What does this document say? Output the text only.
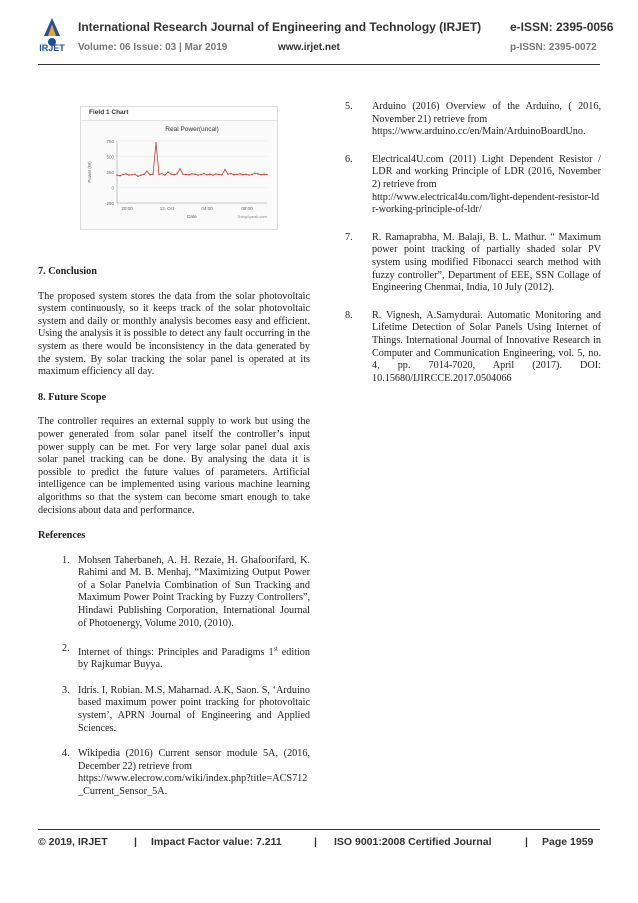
IRJET
International Research Journal of Engineering and Technology (IRJET) e-ISSN: 2395-0056
Volume: 06 Issue: 03 | Mar 2019	www.irjet.net	p-ISSN: 2395-0072
Field 1 Chart
Real Power(uncal)
-250
0
250
500
750
20:00	12. Oct	04:00	08:00
Power (W)
Date	ThingSpeak.com
7. Conclusion

The proposed system stores the data from the solar photovoltaic system continuously, so it keeps track of the solar photovoltaic system and daily or monthly analysis becomes easy and efficient. Using the analysis it is possible to detect any fault occurring in the system as there would be inconsistency in the data generated by the system. By solar tracking the solar panel is operated at its maximum efficiency all day.

8. Future Scope

The controller requires an external supply to work but using the power generated from solar panel itself the controller’s input power supply can be met. For very large solar panel dual axis solar panel tracking can be done. By analysing the data it is possible to predict the future values of parameters. Artificial intelligence can be implemented using various machine learning algorithms so that the system can become smart enough to take decisions about data and performance.

References
1. Mohsen Taherbaneh, A. H. Rezaie, H. Ghafoorifard, K. Rahimi and M. B. Menhaj, “Maximizing Output Power of a Solar Panelvia Combination of Sun Tracking and Maximum Power Point Tracking by Fuzzy Controllers”, Hindawi Publishing Corporation, International Journal of Photoenergy, Volume 2010, (2010).
2. Internet of things: Principles and Paradigms 1st edition by Rajkumar Buyya.
3. Idris. I, Robian. M.S, Maharnad. A.K, Saon. S, ‘Arduino based maximum power point tracking for photovoltaic system’, APRN Journal of Engineering and Applied Sciences.
4. Wikipedia (2016) Current sensor module 5A, (2016, December 22) retrieve from
https://www.elecrow.com/wiki/index.php?title=ACS712_Current_Sensor_5A.
5. Arduino (2016) Overview of the Arduino, ( 2016, November 21) retrieve from
https://www.arduino.cc/en/Main/ArduinoBoardUno.
6. Electrical4U.com (2011) Light Dependent Resistor / LDR and working Principle of LDR (2016, November 2) retrieve from
http://www.electrical4u.com/light-dependent-resistor-ldr-working-principle-of-ldr/
7. R. Ramaprabha, M. Balaji, B. L. Mathur. “ Maximum power point tracking of partially shaded solar PV system using modified Fibonacci search method with fuzzy controller”, Department of EEE, SSN Collage of Engineering Chenmai, India, 10 July (2012).
8. R. Vignesh, A.Samydurai. Automatic Monitoring and Lifetime Detection of Solar Panels Using Internet of Things. International Journal of Innovative Research in Computer and Communication Engineering, vol. 5, no. 4, pp. 7014-7020, April (2017). DOI: 10.15680/IJIRCCE.2017.0504066
© 2019, IRJET	| Impact Factor value: 7.211	| ISO 9001:2008 Certified Journal	| Page 1959
